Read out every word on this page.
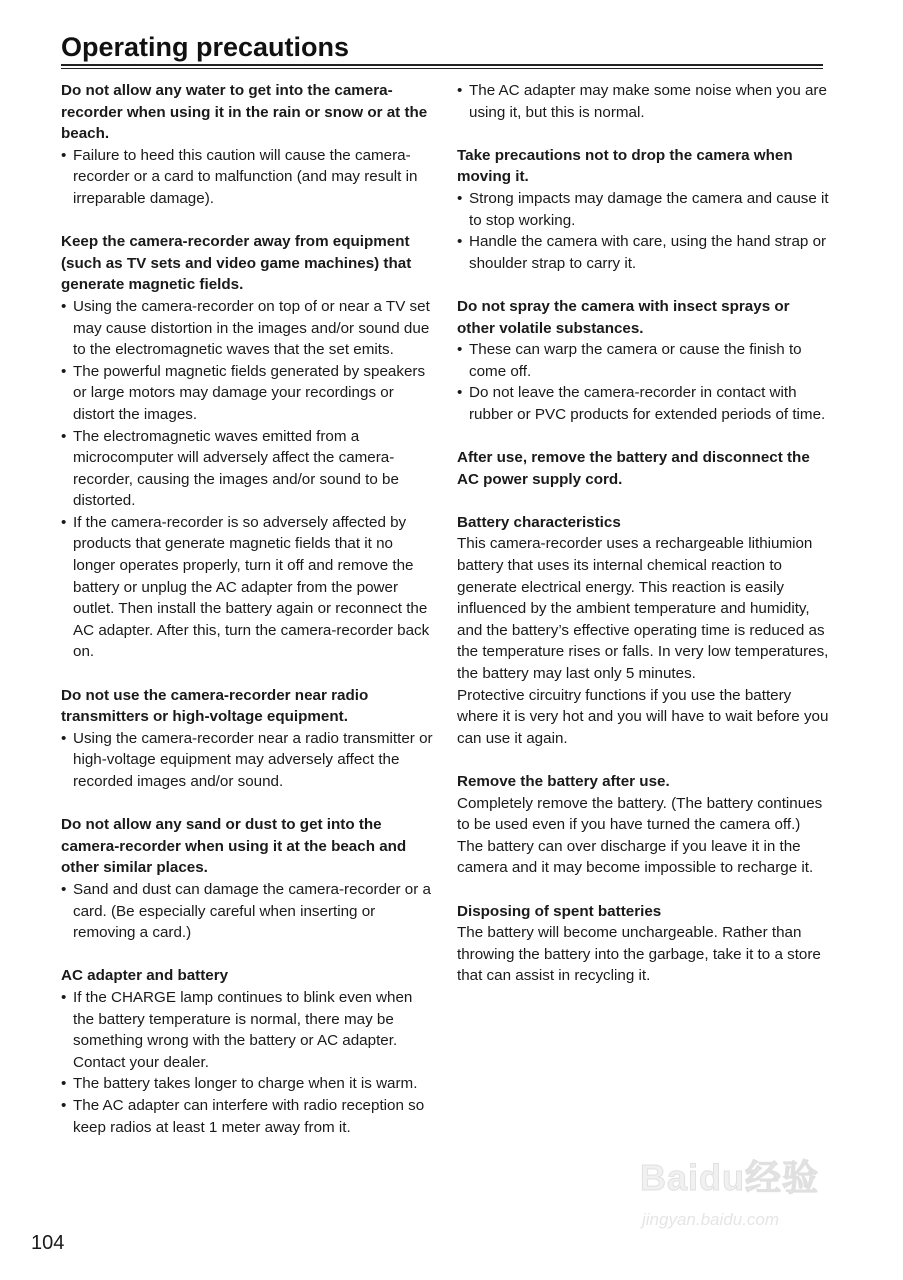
Operating precautions
Do not allow any water to get into the camera-recorder when using it in the rain or snow or at the beach.
• Failure to heed this caution will cause the camera-recorder or a card to malfunction (and may result in irreparable damage).
Keep the camera-recorder away from equipment (such as TV sets and video game machines) that generate magnetic fields.
• Using the camera-recorder on top of or near a TV set may cause distortion in the images and/or sound due to the electromagnetic waves that the set emits.
• The powerful magnetic fields generated by speakers or large motors may damage your recordings or distort the images.
• The electromagnetic waves emitted from a microcomputer will adversely affect the camera-recorder, causing the images and/or sound to be distorted.
• If the camera-recorder is so adversely affected by products that generate magnetic fields that it no longer operates properly, turn it off and remove the battery or unplug the AC adapter from the power outlet. Then install the battery again or reconnect the AC adapter. After this, turn the camera-recorder back on.
Do not use the camera-recorder near radio transmitters or high-voltage equipment.
• Using the camera-recorder near a radio transmitter or high-voltage equipment may adversely affect the recorded images and/or sound.
Do not allow any sand or dust to get into the camera-recorder when using it at the beach and other similar places.
• Sand and dust can damage the camera-recorder or a card. (Be especially careful when inserting or removing a card.)
AC adapter and battery
• If the CHARGE lamp continues to blink even when the battery temperature is normal, there may be something wrong with the battery or AC adapter. Contact your dealer.
• The battery takes longer to charge when it is warm.
• The AC adapter can interfere with radio reception so keep radios at least 1 meter away from it.
• The AC adapter may make some noise when you are using it, but this is normal.
Take precautions not to drop the camera when moving it.
• Strong impacts may damage the camera and cause it to stop working.
• Handle the camera with care, using the hand strap or shoulder strap to carry it.
Do not spray the camera with insect sprays or other volatile substances.
• These can warp the camera or cause the finish to come off.
• Do not leave the camera-recorder in contact with rubber or PVC products for extended periods of time.
After use, remove the battery and disconnect the AC power supply cord.
Battery characteristics
This camera-recorder uses a rechargeable lithiumion battery that uses its internal chemical reaction to generate electrical energy. This reaction is easily influenced by the ambient temperature and humidity, and the battery’s effective operating time is reduced as the temperature rises or falls. In very low temperatures, the battery may last only 5 minutes.
Protective circuitry functions if you use the battery where it is very hot and you will have to wait before you can use it again.
Remove the battery after use.
Completely remove the battery. (The battery continues to be used even if you have turned the camera off.) The battery can over discharge if you leave it in the camera and it may become impossible to recharge it.
Disposing of spent batteries
The battery will become unchargeable. Rather than throwing the battery into the garbage, take it to a store that can assist in recycling it.
104
Baidu经验
jingyan.baidu.com
